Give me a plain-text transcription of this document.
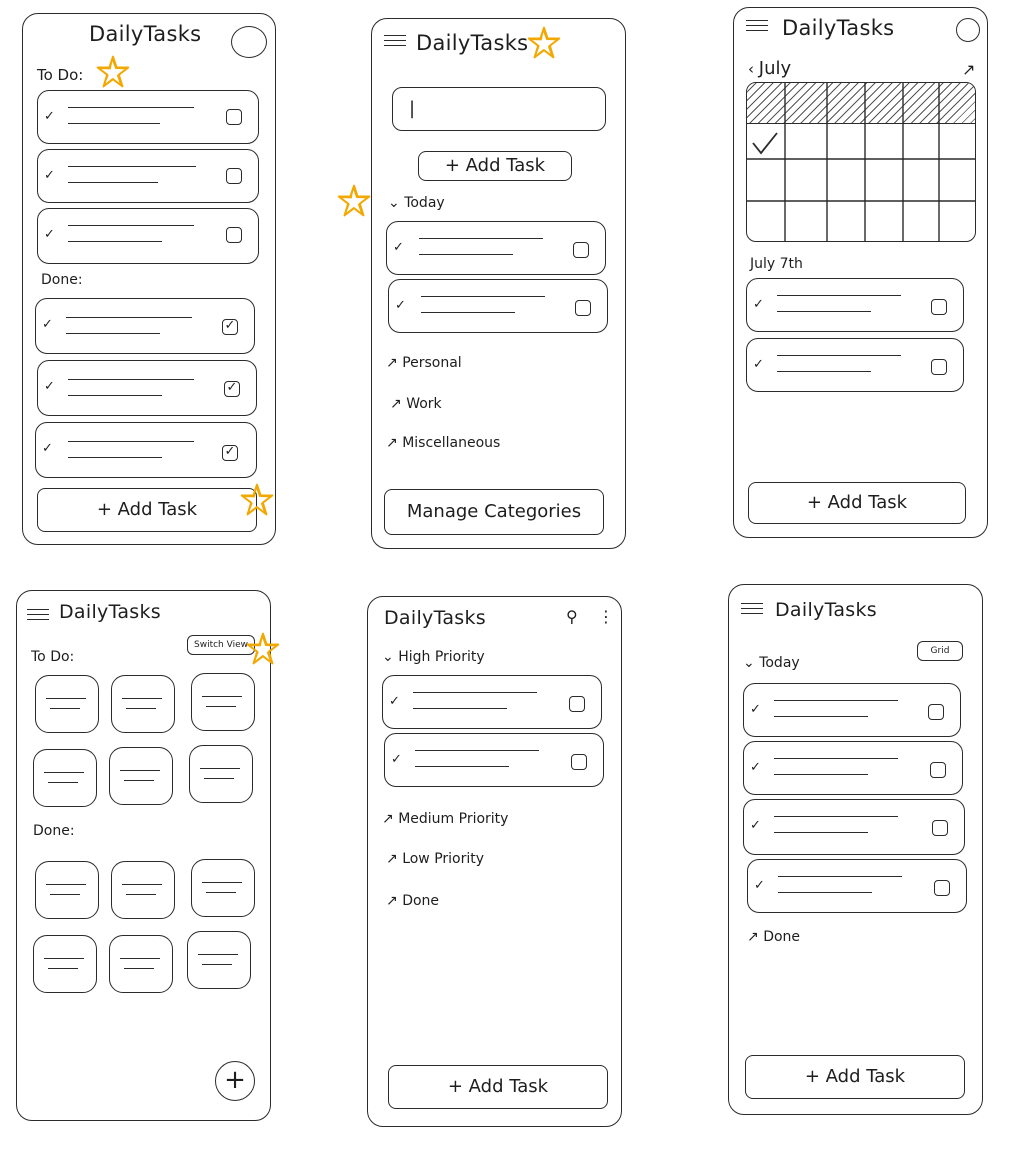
DailyTasks
To Do:
✓
✓
✓
Done:
✓	✓
✓	✓
✓	✓
+ Add Task
DailyTasks
|
+ Add Task
⌄ Today
✓
✓
↗ Personal
↗ Work
↗ Miscellaneous
Manage Categories
DailyTasks
‹ July	↗
July 7th
✓
✓
+ Add Task
DailyTasks
Switch View
To Do:
Done:
+
DailyTasks	⚲ ⋮
⌄ High Priority
✓
✓
↗ Medium Priority
↗ Low Priority
↗ Done
+ Add Task
DailyTasks
Grid
⌄ Today
✓
✓
✓
✓
↗ Done
+ Add Task
